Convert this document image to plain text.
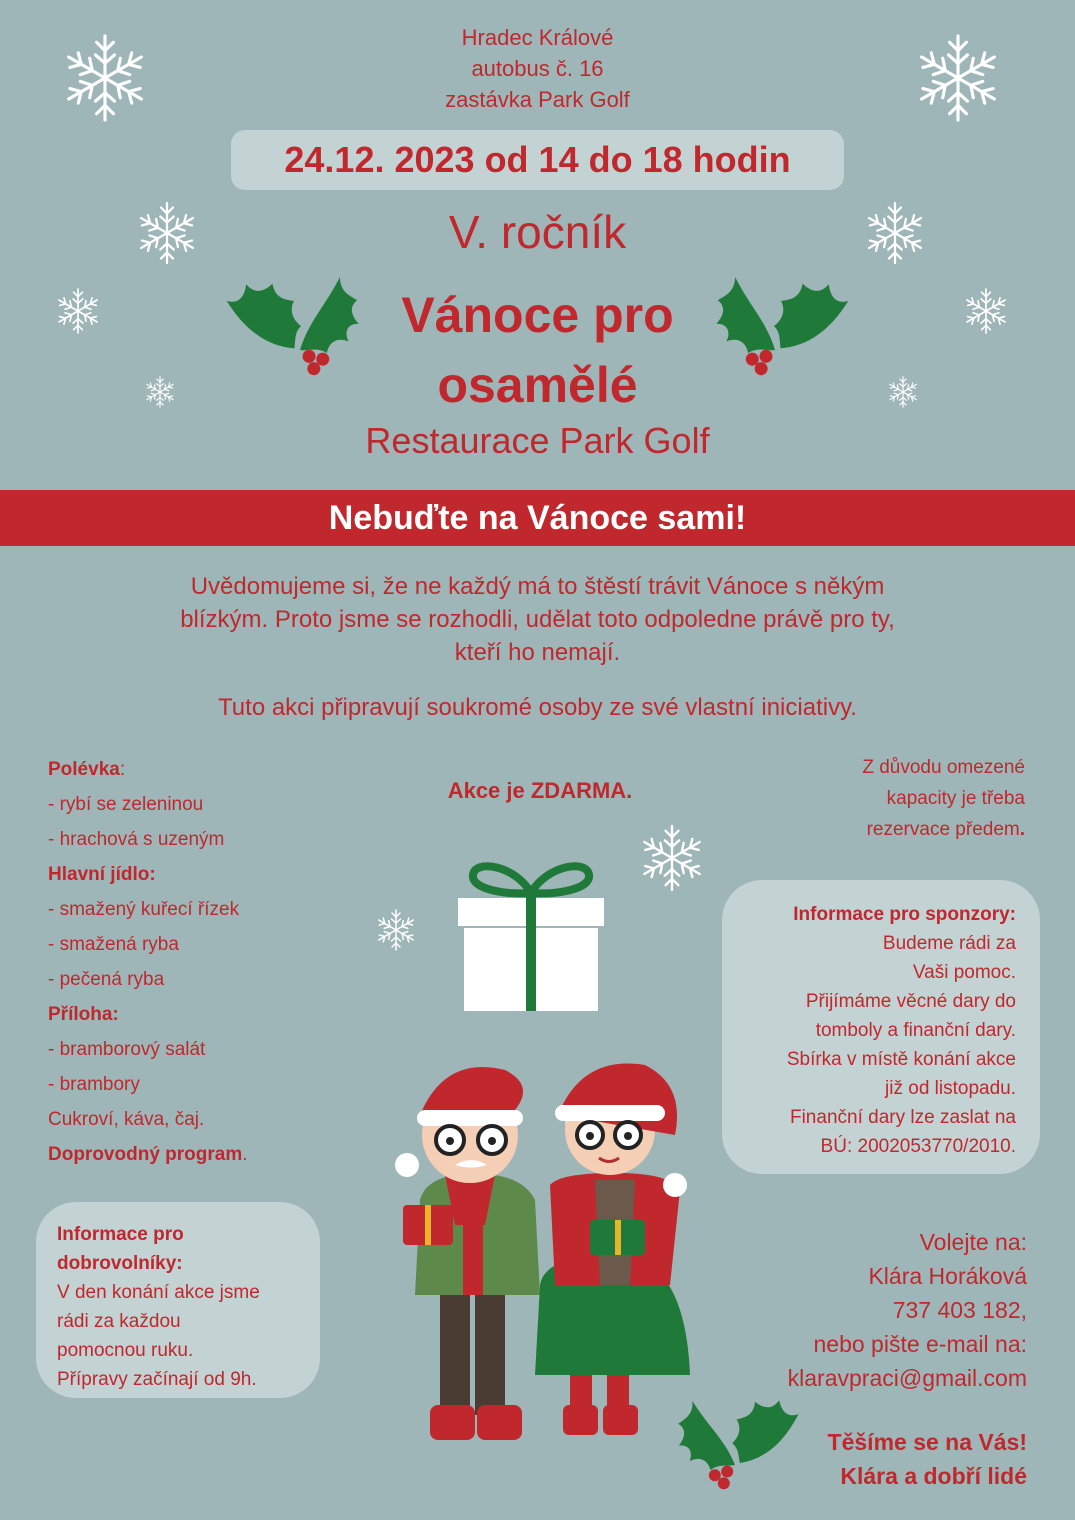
Hradec Králové
autobus č. 16
zastávka Park Golf
24.12. 2023 od 14 do 18 hodin
V. ročník
Vánoce pro
osamělé
Restaurace Park Golf
Nebuďte na Vánoce sami!
Uvědomujeme si, že ne každý má to štěstí trávit Vánoce s někým
blízkým. Proto jsme se rozhodli, udělat toto odpoledne právě pro ty,
kteří ho nemají.
Tuto akci připravují soukromé osoby ze své vlastní iniciativy.
Polévka:
- rybí se zeleninou
- hrachová s uzeným
Hlavní jídlo:
- smažený kuřecí řízek
- smažená ryba
- pečená ryba
Příloha:
- bramborový salát
- brambory
Cukroví, káva, čaj.
Doprovodný program.
Akce je ZDARMA.
Z důvodu omezené
kapacity je třeba
rezervace předem.
Informace pro sponzory:
Budeme rádi za
Vaši pomoc.
Přijímáme věcné dary do
tomboly a finanční dary.
Sbírka v místě konání akce
již od listopadu.
Finanční dary lze zaslat na
BÚ: 2002053770/2010.
Informace pro
dobrovolníky:
V den konání akce jsme
rádi za každou
pomocnou ruku.
Přípravy začínají od 9h.
Volejte na:
Klára Horáková
737 403 182,
nebo pište e-mail na:
klaravpraci@gmail.com
Těšíme se na Vás!
Klára a dobří lidé
